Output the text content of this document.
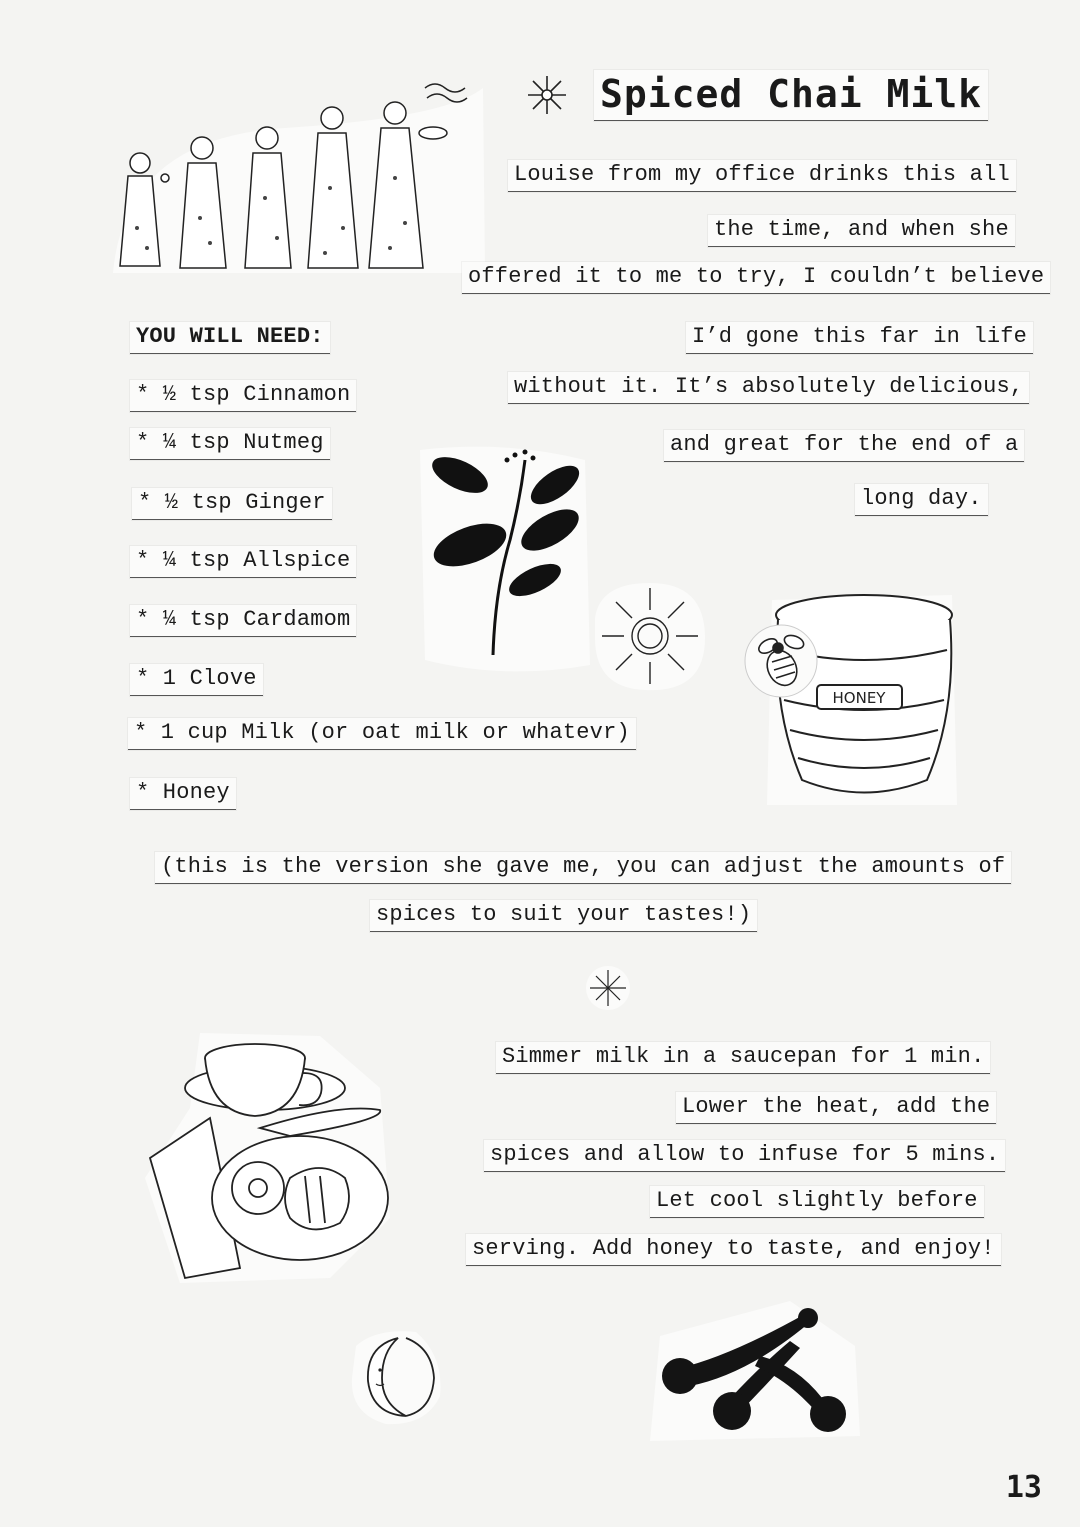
Spiced Chai Milk
Louise from my office drinks this all
the time, and when she
offered it to me to try, I couldn’t believe
I’d gone this far in life
without it. It’s absolutely delicious,
and great for the end of a
long day.
YOU WILL NEED:
* ½ tsp Cinnamon
* ¼ tsp Nutmeg
* ½ tsp Ginger
* ¼ tsp Allspice
* ¼ tsp Cardamom
* 1 Clove
* 1 cup Milk (or oat milk or whatevr)
* Honey
HONEY
(this is the version she gave me, you can adjust the amounts of
spices to suit your tastes!)
Simmer milk in a saucepan for 1 min.
Lower the heat, add the
spices and allow to infuse for 5 mins.
Let cool slightly before
serving. Add honey to taste, and enjoy!
13
